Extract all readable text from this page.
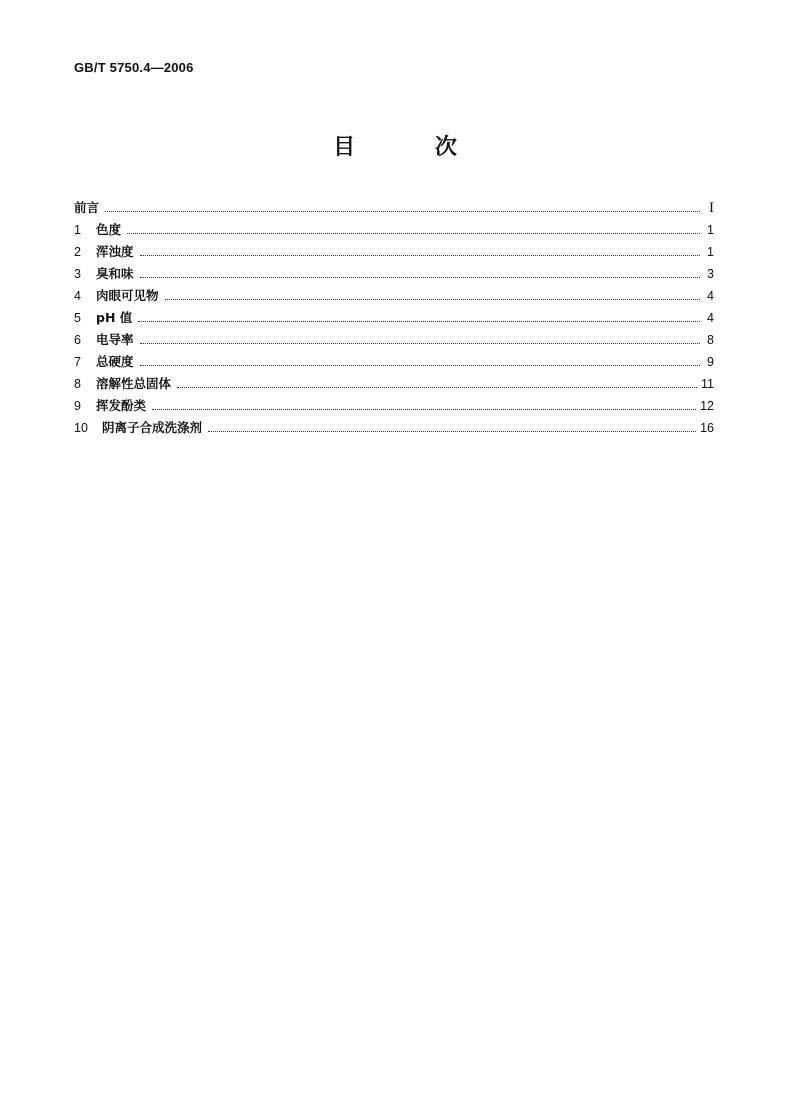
GB/T 5750.4—2006
目 次
前言	I
1	色度	1
2	浑浊度	1
3	臭和味	3
4	肉眼可见物	4
5	pH 值	4
6	电导率	8
7	总硬度	9
8	溶解性总固体	11
9	挥发酚类	12
10	阴离子合成洗涤剂	16
